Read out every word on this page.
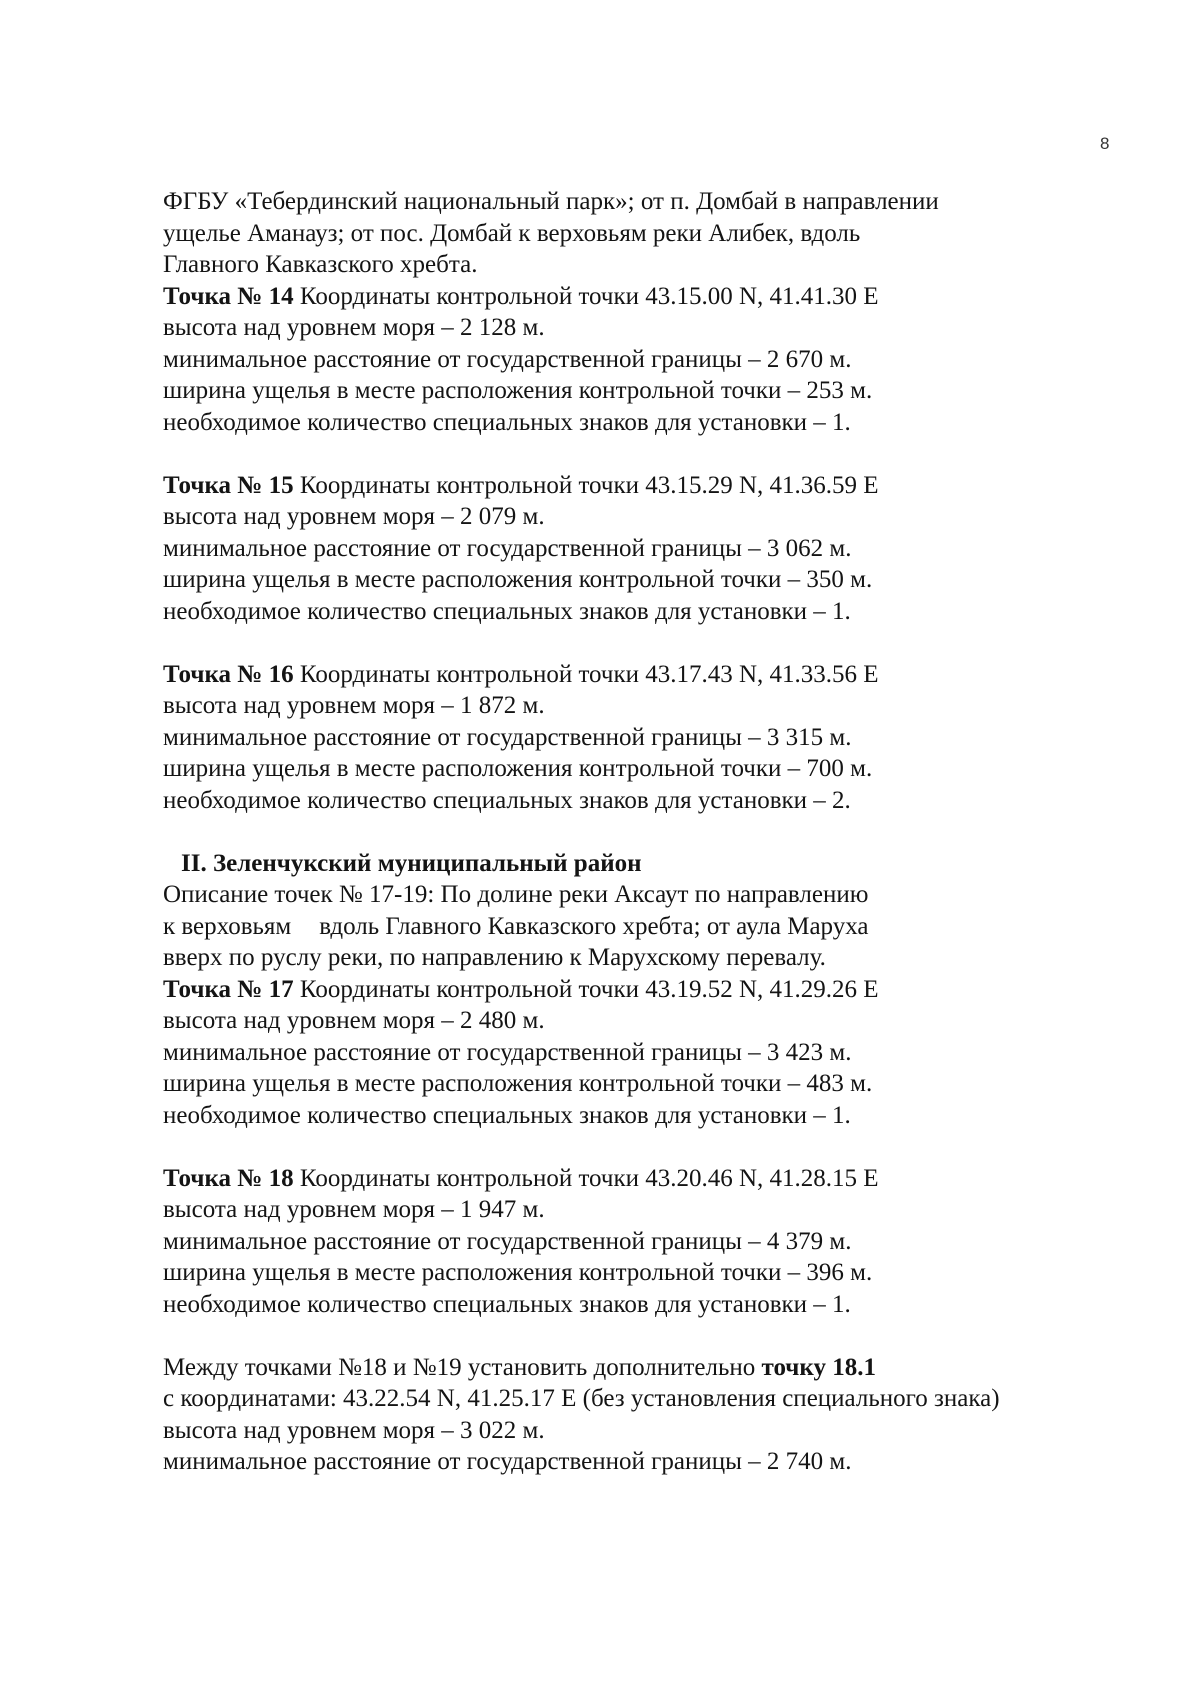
8
ФГБУ «Тебердинский национальный парк»; от п. Домбай в направлении
ущелье Аманауз; от пос. Домбай к верховьям реки Алибек, вдоль
Главного Кавказского хребта.
Точка № 14 Координаты контрольной точки 43.15.00 N, 41.41.30 E
высота над уровнем моря – 2 128 м.
минимальное расстояние от государственной границы – 2 670 м.
ширина ущелья в месте расположения контрольной точки – 253 м.
необходимое количество специальных знаков для установки – 1.
Точка № 15 Координаты контрольной точки 43.15.29 N, 41.36.59 E
высота над уровнем моря – 2 079 м.
минимальное расстояние от государственной границы – 3 062 м.
ширина ущелья в месте расположения контрольной точки – 350 м.
необходимое количество специальных знаков для установки – 1.
Точка № 16 Координаты контрольной точки 43.17.43 N, 41.33.56 E
высота над уровнем моря – 1 872 м.
минимальное расстояние от государственной границы – 3 315 м.
ширина ущелья в месте расположения контрольной точки – 700 м.
необходимое количество специальных знаков для установки – 2.
II. Зеленчукский муниципальный район
Описание точек № 17-19: По долине реки Аксаут по направлению
к верховьям вдоль Главного Кавказского хребта; от аула Маруха
вверх по руслу реки, по направлению к Марухскому перевалу.
Точка № 17 Координаты контрольной точки 43.19.52 N, 41.29.26 E
высота над уровнем моря – 2 480 м.
минимальное расстояние от государственной границы – 3 423 м.
ширина ущелья в месте расположения контрольной точки – 483 м.
необходимое количество специальных знаков для установки – 1.
Точка № 18 Координаты контрольной точки 43.20.46 N, 41.28.15 E
высота над уровнем моря – 1 947 м.
минимальное расстояние от государственной границы – 4 379 м.
ширина ущелья в месте расположения контрольной точки – 396 м.
необходимое количество специальных знаков для установки – 1.
Между точками №18 и №19 установить дополнительно точку 18.1
с координатами: 43.22.54 N, 41.25.17 E (без установления специального знака)
высота над уровнем моря – 3 022 м.
минимальное расстояние от государственной границы – 2 740 м.
